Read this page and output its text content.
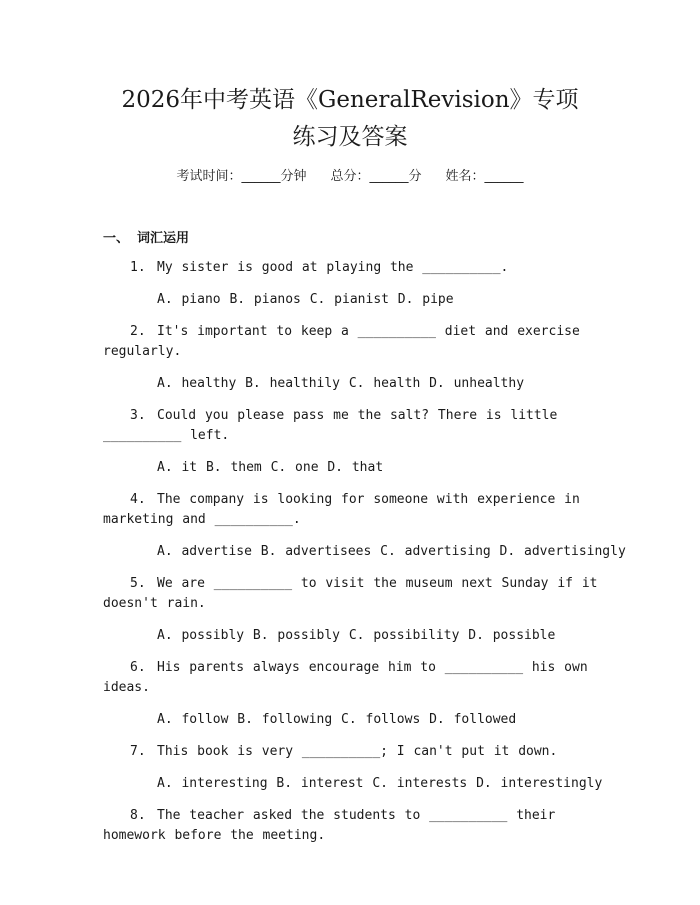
2026年中考英语《GeneralRevision》专项
练习及答案
考试时间：______分钟 总分：______分 姓名：______
一、 词汇运用

1. My sister is good at playing the __________.

A. piano B. pianos C. pianist D. pipe

2. It's important to keep a __________ diet and exercise regularly.

A. healthy B. healthily C. health D. unhealthy

3. Could you please pass me the salt? There is little __________ left.

A. it B. them C. one D. that

4. The company is looking for someone with experience in marketing and __________.

A. advertise B. advertisees C. advertising D. advertisingly

5. We are __________ to visit the museum next Sunday if it doesn't rain.

A. possibly B. possibly C. possibility D. possible

6. His parents always encourage him to __________ his own ideas.

A. follow B. following C. follows D. followed

7. This book is very __________; I can't put it down.

A. interesting B. interest C. interests D. interestingly

8. The teacher asked the students to __________ their homework before the meeting.
